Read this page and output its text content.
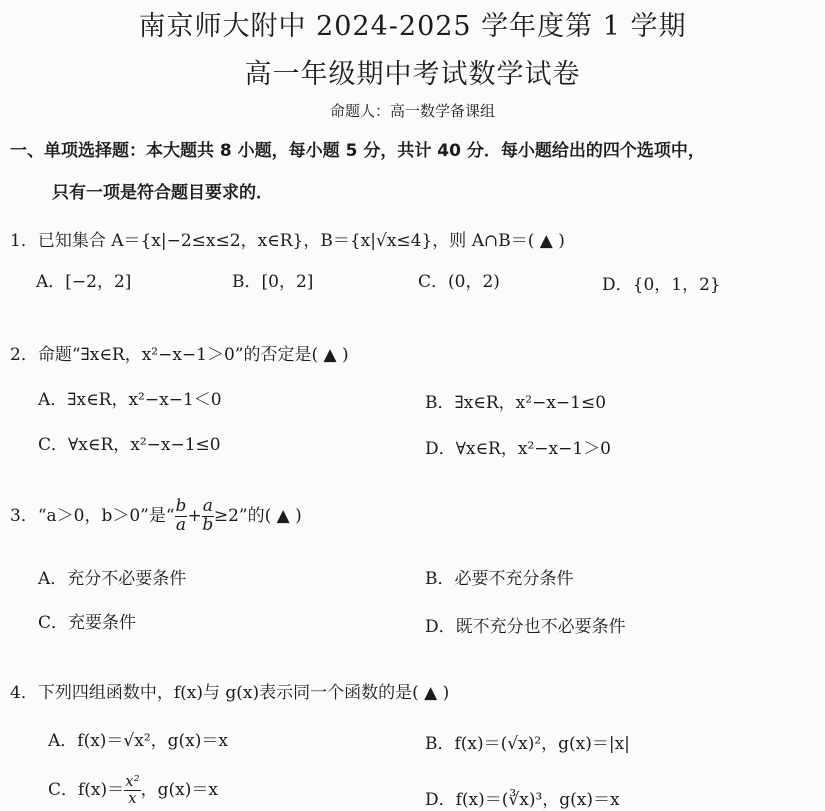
南京师大附中 2024-2025 学年度第 1 学期
高一年级期中考试数学试卷
命题人：高一数学备课组
一、单项选择题：本大题共 8 小题，每小题 5 分，共计 40 分．每小题给出的四个选项中，
只有一项是符合题目要求的．
1．已知集合 A＝{x|−2≤x≤2，x∈R}，B＝{x|√x≤4}，则 A∩B＝( ▲ )
A．[−2，2]	B．[0，2]	C．(0，2)	D．{0，1，2}
2．命题“∃x∈R，x²−x−1＞0”的否定是( ▲ )
A．∃x∈R，x²−x−1＜0	B．∃x∈R，x²−x−1≤0
C．∀x∈R，x²−x−1≤0	D．∀x∈R，x²−x−1＞0
3．“a＞0，b＞0”是“ $\frac{b}{a} + \frac{a}{b} \ge 2$”的( ▲ )
A．充分不必要条件	B．必要不充分条件
C．充要条件	D．既不充分也不必要条件
4．下列四组函数中，f(x)与 g(x)表示同一个函数的是( ▲ )
A．f(x)＝√x²，g(x)＝x	B．f(x)＝(√x)²，g(x)＝|x|
C．$f(x)= \frac{\text{x²}}{x}$ ，g(x)＝x
D．f(x)＝(∛x)³，g(x)＝x
